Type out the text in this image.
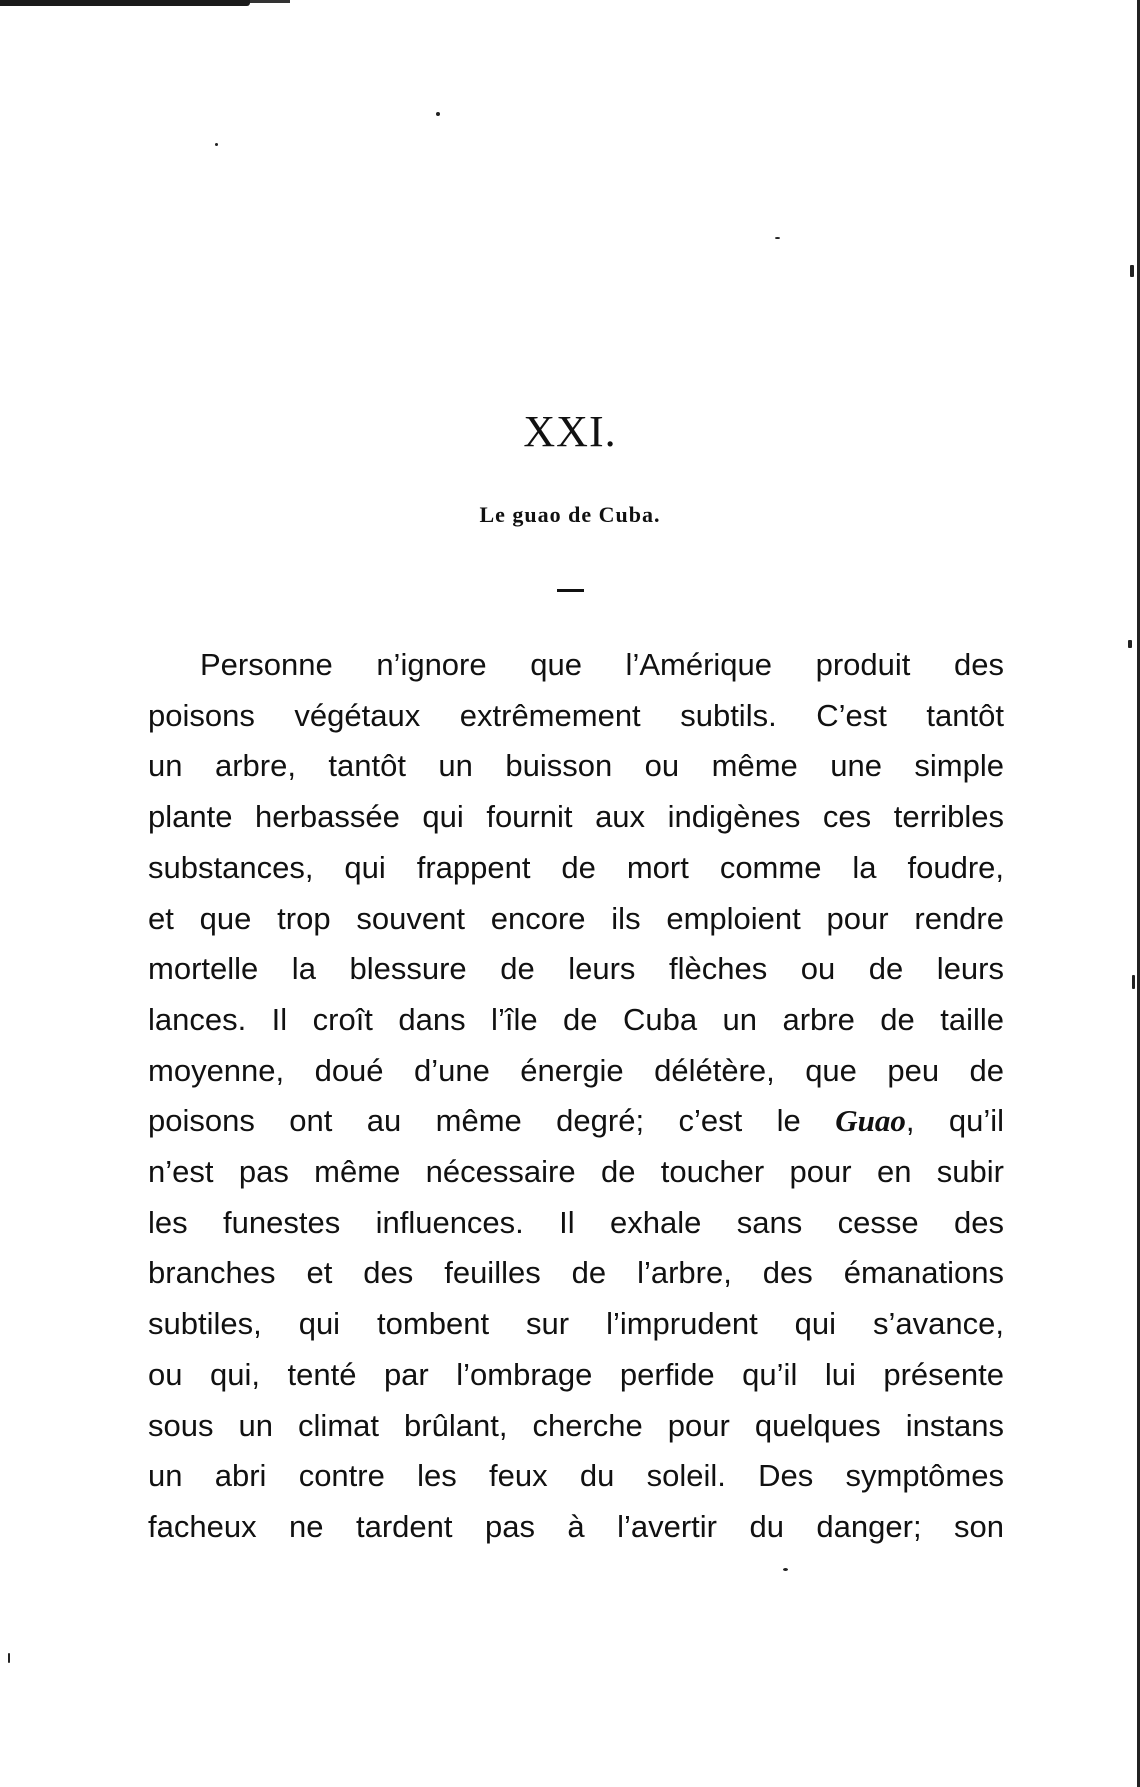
XXI.
Le guao de Cuba.
Personne n’ignore que l’Amérique produit des
poisons végétaux extrêmement subtils. C’est tantôt
un arbre, tantôt un buisson ou même une simple
plante herbassée qui fournit aux indigènes ces terribles
substances, qui frappent de mort comme la foudre,
et que trop souvent encore ils emploient pour rendre
mortelle la blessure de leurs flèches ou de leurs
lances. Il croît dans l’île de Cuba un arbre de taille
moyenne, doué d’une énergie délétère, que peu de
poisons ont au même degré; c’est le Guao, qu’il
n’est pas même nécessaire de toucher pour en subir
les funestes influences. Il exhale sans cesse des
branches et des feuilles de l’arbre, des émanations
subtiles, qui tombent sur l’imprudent qui s’avance,
ou qui, tenté par l’ombrage perfide qu’il lui présente
sous un climat brûlant, cherche pour quelques instans
un abri contre les feux du soleil. Des symptômes
facheux ne tardent pas à l’avertir du danger; son
